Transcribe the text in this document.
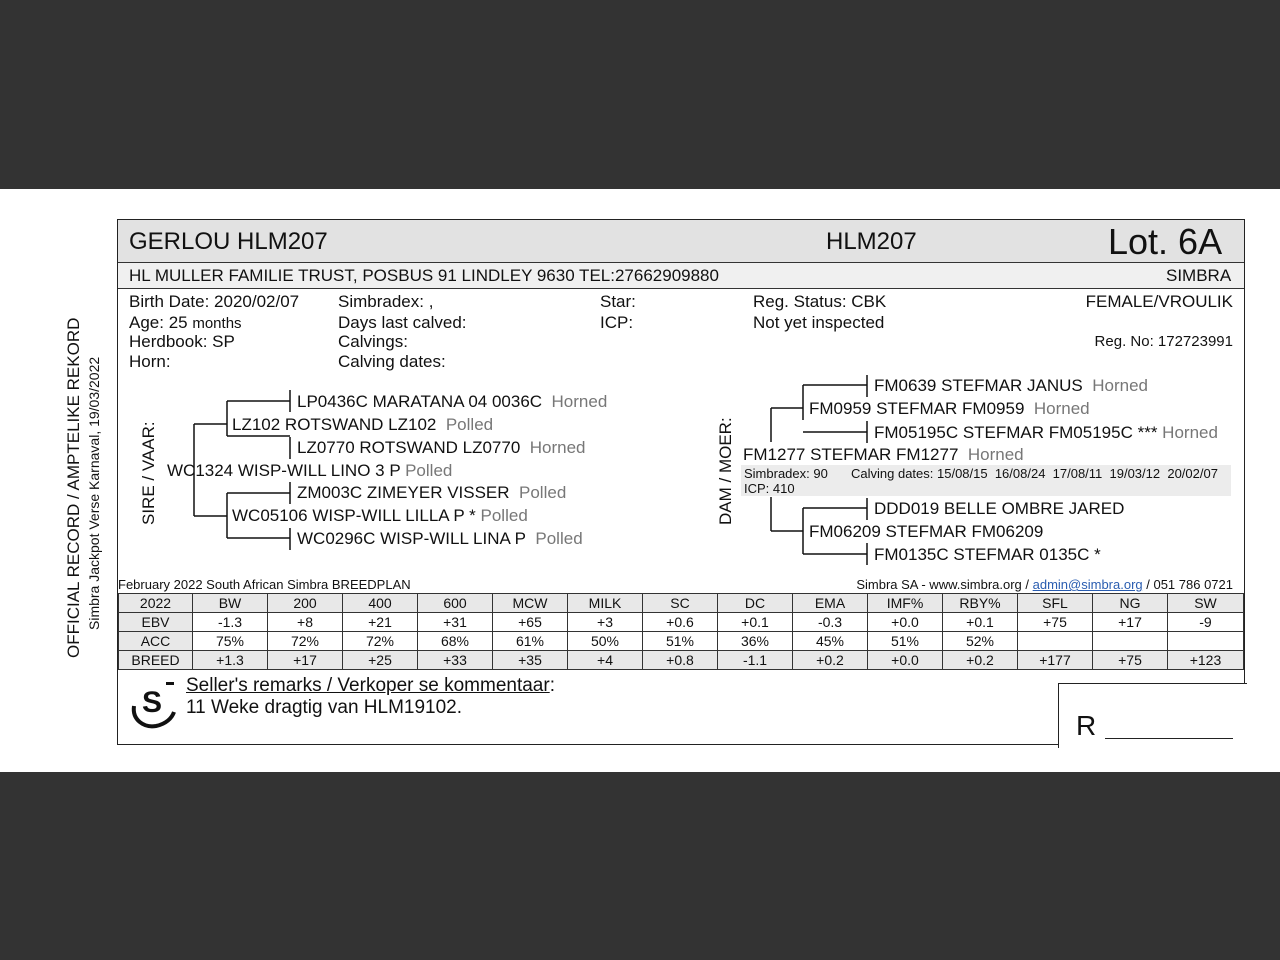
OFFICIAL RECORD / AMPTELIKE REKORD Simbra Jackpot Verse Karnaval, 19/03/2022
GERLOU HLM207	HLM207	Lot. 6A
HL MULLER FAMILIE TRUST, POSBUS 91 LINDLEY 9630 TEL:27662909880	SIMBRA
Birth Date: 2020/02/07
Age: 25 months
Herdbook: SP
Horn:
Simbradex: ,
Days last calved:
Calvings:
Calving dates:
Star:
ICP:
Reg. Status: CBK
Not yet inspected
FEMALE/VROULIK
Reg. No: 172723991
SIRE / VAAR:
LP0436C MARATANA 04 0036C Horned
LZ102 ROTSWAND LZ102 Polled
LZ0770 ROTSWAND LZ0770 Horned
WC1324 WISP-WILL LINO 3 P Polled
ZM003C ZIMEYER VISSER Polled
WC05106 WISP-WILL LILLA P * Polled
WC0296C WISP-WILL LINA P Polled
DAM / MOER:
FM0639 STEFMAR JANUS Horned
FM0959 STEFMAR FM0959 Horned
FM05195C STEFMAR FM05195C *** Horned
FM1277 STEFMAR FM1277 Horned
Simbradex: 90 Calving dates: 15/08/15  16/08/24  17/08/11  19/03/12  20/02/07
ICP: 410
DDD019 BELLE OMBRE JARED
FM06209 STEFMAR FM06209
FM0135C STEFMAR 0135C *
February 2022 South African Simbra BREEDPLAN	Simbra SA - www.simbra.org / admin@simbra.org / 051 786 0721
2022	BW	200	400	600	MCW	MILK	SC	DC	EMA	IMF%	RBY%	SFL	NG	SW
EBV	-1.3	+8	+21	+31	+65	+3	+0.6	+0.1	-0.3	+0.0	+0.1	+75	+17	-9
ACC	75%	72%	72%	68%	61%	50%	51%	36%	45%	51%	52%			
BREED	+1.3	+17	+25	+33	+35	+4	+0.8	-1.1	+0.2	+0.0	+0.2	+177	+75	+123
S
Seller's remarks / Verkoper se kommentaar:
11 Weke dragtig van HLM19102.
R
